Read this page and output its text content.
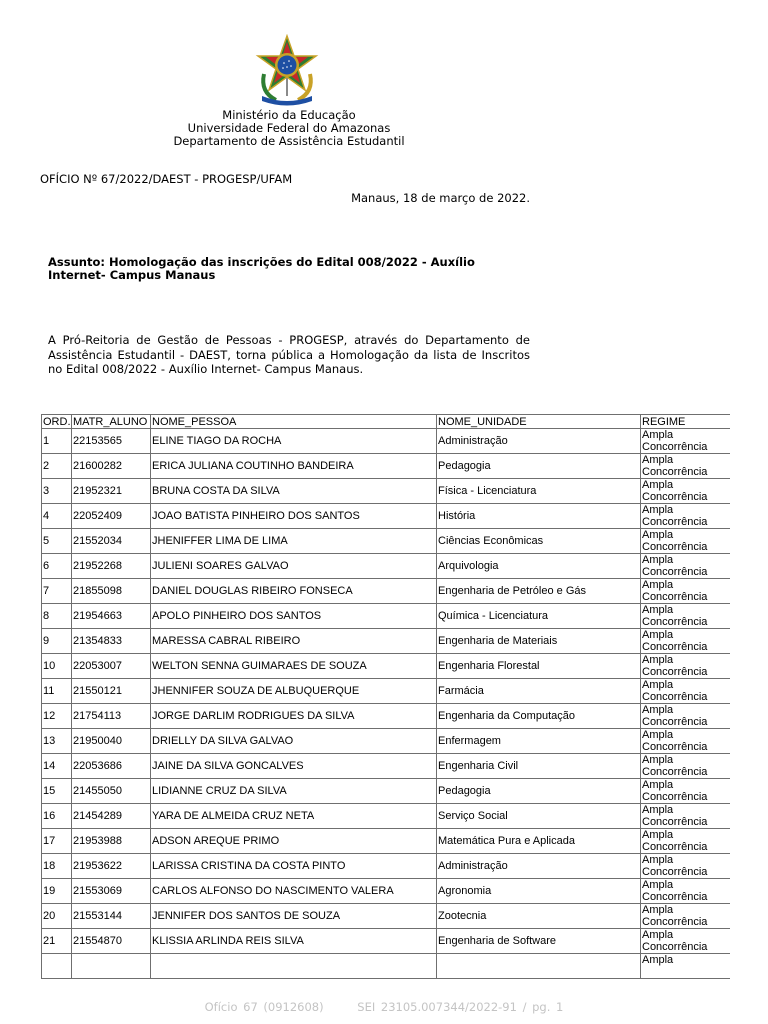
Ministério da Educação
Universidade Federal do Amazonas
Departamento de Assistência Estudantil
OFÍCIO Nº 67/2022/DAEST - PROGESP/UFAM
Manaus, 18 de março de 2022.
Assunto: Homologação das inscrições do Edital 008/2022 - Auxílio Internet- Campus Manaus
A Pró-Reitoria de Gestão de Pessoas - PROGESP, através do Departamento de Assistência Estudantil - DAEST, torna pública a Homologação da lista de Inscritos no Edital 008/2022 - Auxílio Internet- Campus Manaus.
ORD.	MATR_ALUNO	NOME_PESSOA	NOME_UNIDADE	REGIME
1	22153565	ELINE TIAGO DA ROCHA	Administração	Ampla Concorrência
2	21600282	ERICA JULIANA COUTINHO BANDEIRA	Pedagogia	Ampla Concorrência
3	21952321	BRUNA COSTA DA SILVA	Física - Licenciatura	Ampla Concorrência
4	22052409	JOAO BATISTA PINHEIRO DOS SANTOS	História	Ampla Concorrência
5	21552034	JHENIFFER LIMA DE LIMA	Ciências Econômicas	Ampla Concorrência
6	21952268	JULIENI SOARES GALVAO	Arquivologia	Ampla Concorrência
7	21855098	DANIEL DOUGLAS RIBEIRO FONSECA	Engenharia de Petróleo e Gás	Ampla Concorrência
8	21954663	APOLO PINHEIRO DOS SANTOS	Química - Licenciatura	Ampla Concorrência
9	21354833	MARESSA CABRAL RIBEIRO	Engenharia de Materiais	Ampla Concorrência
10	22053007	WELTON SENNA GUIMARAES DE SOUZA	Engenharia Florestal	Ampla Concorrência
11	21550121	JHENNIFER SOUZA DE ALBUQUERQUE	Farmácia	Ampla Concorrência
12	21754113	JORGE DARLIM RODRIGUES DA SILVA	Engenharia da Computação	Ampla Concorrência
13	21950040	DRIELLY DA SILVA GALVAO	Enfermagem	Ampla Concorrência
14	22053686	JAINE DA SILVA GONCALVES	Engenharia Civil	Ampla Concorrência
15	21455050	LIDIANNE CRUZ DA SILVA	Pedagogia	Ampla Concorrência
16	21454289	YARA DE ALMEIDA CRUZ NETA	Serviço Social	Ampla Concorrência
17	21953988	ADSON AREQUE PRIMO	Matemática Pura e Aplicada	Ampla Concorrência
18	21953622	LARISSA CRISTINA DA COSTA PINTO	Administração	Ampla Concorrência
19	21553069	CARLOS ALFONSO DO NASCIMENTO VALERA	Agronomia	Ampla Concorrência
20	21553144	JENNIFER DOS SANTOS DE SOUZA	Zootecnia	Ampla Concorrência
21	21554870	KLISSIA ARLINDA REIS SILVA	Engenharia de Software	Ampla Concorrência
				Ampla
Ofício 67 (0912608)	SEI 23105.007344/2022-91 / pg. 1
